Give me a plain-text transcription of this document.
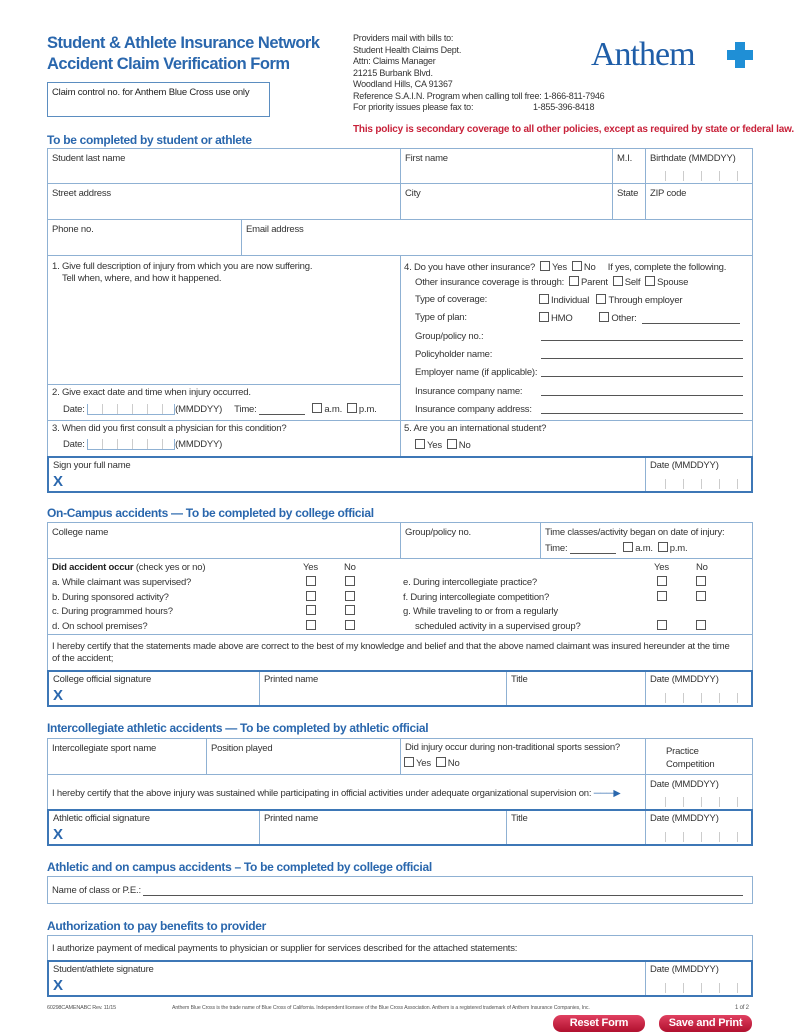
Student & Athlete Insurance Network
Accident Claim Verification Form
Claim control no. for Anthem Blue Cross use only
Providers mail with bills to:
Student Health Claims Dept.
Attn: Claims Manager
21215 Burbank Blvd.
Woodland Hills, CA 91367
Reference S.A.I.N. Program when calling toll free: 1-866-811-7946
For priority issues please fax to:	1-855-396-8418
Anthem
This policy is secondary coverage to all other policies, except as required by state or federal law.
To be completed by student or athlete
Student last name	First name	M.I. Birthdate (MMDDYY)
Street address	City	State ZIP code
Phone no.	Email address
1. Give full description of injury from which you are now suffering.
Tell when, where, and how it happened.
2. Give exact date and time when injury occurred.
Date:	(MMDDYY) Time:	a.m. p.m.
3. When did you first consult a physician for this condition?
Date:	(MMDDYY)
4. Do you have other insurance? Yes No If yes, complete the following.
Other insurance coverage is through: Parent Self Spouse
Type of coverage:	Individual Through employer
Type of plan:	HMO	Other:
Group/policy no.:
Policyholder name:
Employer name (if applicable):
Insurance company name:
Insurance company address:
5. Are you an international student?
Yes No
Sign your full name
X
Date (MMDDYY)
On-Campus accidents — To be completed by college official
College name	Group/policy no.	Time classes/activity began on date of injury:
Time:	a.m. p.m.
Did accident occur (check yes or no)	Yes	No	Yes	No
a. While claimant was supervised?
b. During sponsored activity?
c. During programmed hours?
d. On school premises?
e. During intercollegiate practice?
f. During intercollegiate competition?
g. While traveling to or from a regularly
scheduled activity in a supervised group?

I hereby certify that the statements made above are correct to the best of my knowledge and belief and that the above named claimant was insured hereunder at the time
of the accident;
College official signature
X
Printed name	Title	Date (MMDDYY)
Intercollegiate athletic accidents — To be completed by athletic official
Intercollegiate sport name	Position played	Did injury occur during non-traditional sports session?
Yes No
Practice
Competition
I hereby certify that the above injury was sustained while participating in official activities under adequate organizational supervision on: ───▶
Date (MMDDYY)
Athletic official signature
X
Printed name	Title	Date (MMDDYY)
Athletic and on campus accidents – To be completed by college official
Name of class or P.E.:
Authorization to pay benefits to provider
I authorize payment of medical payments to physician or supplier for services described for the attached statements:
Student/athlete signature
X
Date (MMDDYY)
60298CAMENABC Rev. 11/15	Anthem Blue Cross is the trade name of Blue Cross of California. Independent licensee of the Blue Cross Association. Anthem is a registered trademark of Anthem Insurance Companies, Inc.	1 of 2
Reset Form	Save and Print
